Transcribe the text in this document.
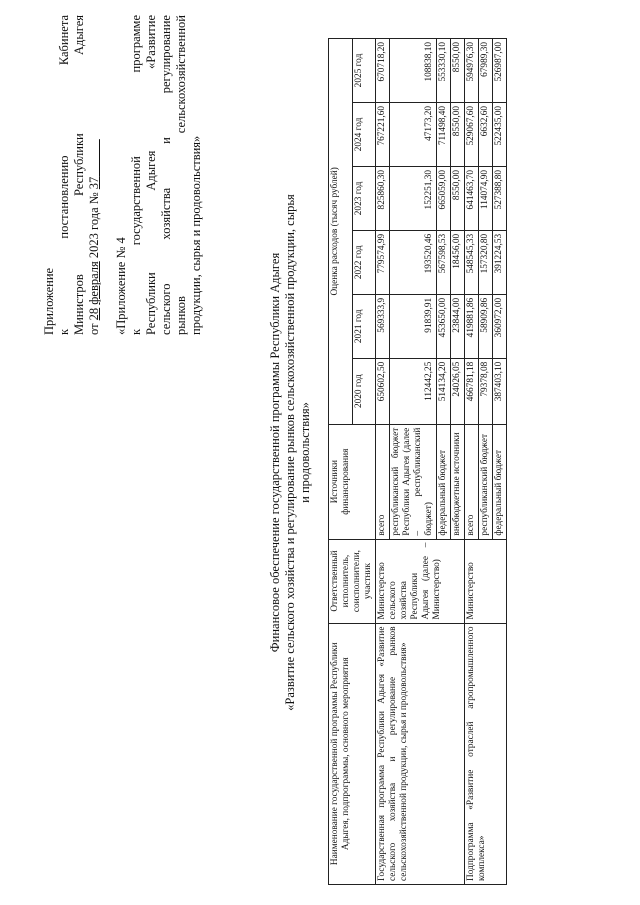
Приложение к постановлению Кабинета

Министров Республики Адыгея

от 28 февраля 2023 года № 37

«Приложение № 4 к государственной программе

Республики Адыгея «Развитие сельского хозяйства и регулирование рынков сельскохозяйственной

продукции, сырья и продовольствия»

Финансовое обеспечение государственной программы Республики Адыгея «Развитие сельского хозяйства и регулирование рынков сельскохозяйственной продукции, сырья и продовольствия»
Наименование государственной программы Республики Адыгея, подпрограммы, основного мероприятия	Ответственный исполнитель, соисполнители, участник	Источники финансирования	Оценка расходов (тысяч рублей)					
			2020 год	2021 год	2022 год	2023 год	2024 год	2025 год
Государственная программа Республики Адыгея «Развитие сельского хозяйства и регулирование рынков сельскохозяйственной продукции, сырья и продовольствия»	Министерство сельского хозяйства Республики Адыгея (далее – Министерство)	всего	650602,50	569333,9	779574,99	825860,30	767221,60	670718,20
		республиканский бюджет Республики Адыгея (далее – республиканский бюджет)	112442,25	91839,91	193520,46	152251,30	47173,20	108838,10
		федеральный бюджет	514134,20	453650,00	567598,53	665059,00	711498,40	553330,10
		внебюджетные источники	24026,05	23844,00	18456,00	8550,00	8550,00	8550,00
Подпрограмма «Развитие отраслей агропромышленного комплекса»	Министерство	всего	466781,18	419881,86	548545,33	641463,70	529067,60	594976,30
		республиканский бюджет	79378,08	58909,86	157320,80	114074,90	6632,60	67989,30
		федеральный бюджет	387403,10	360972,00	391224,53	527388,80	522435,00	526987,00
